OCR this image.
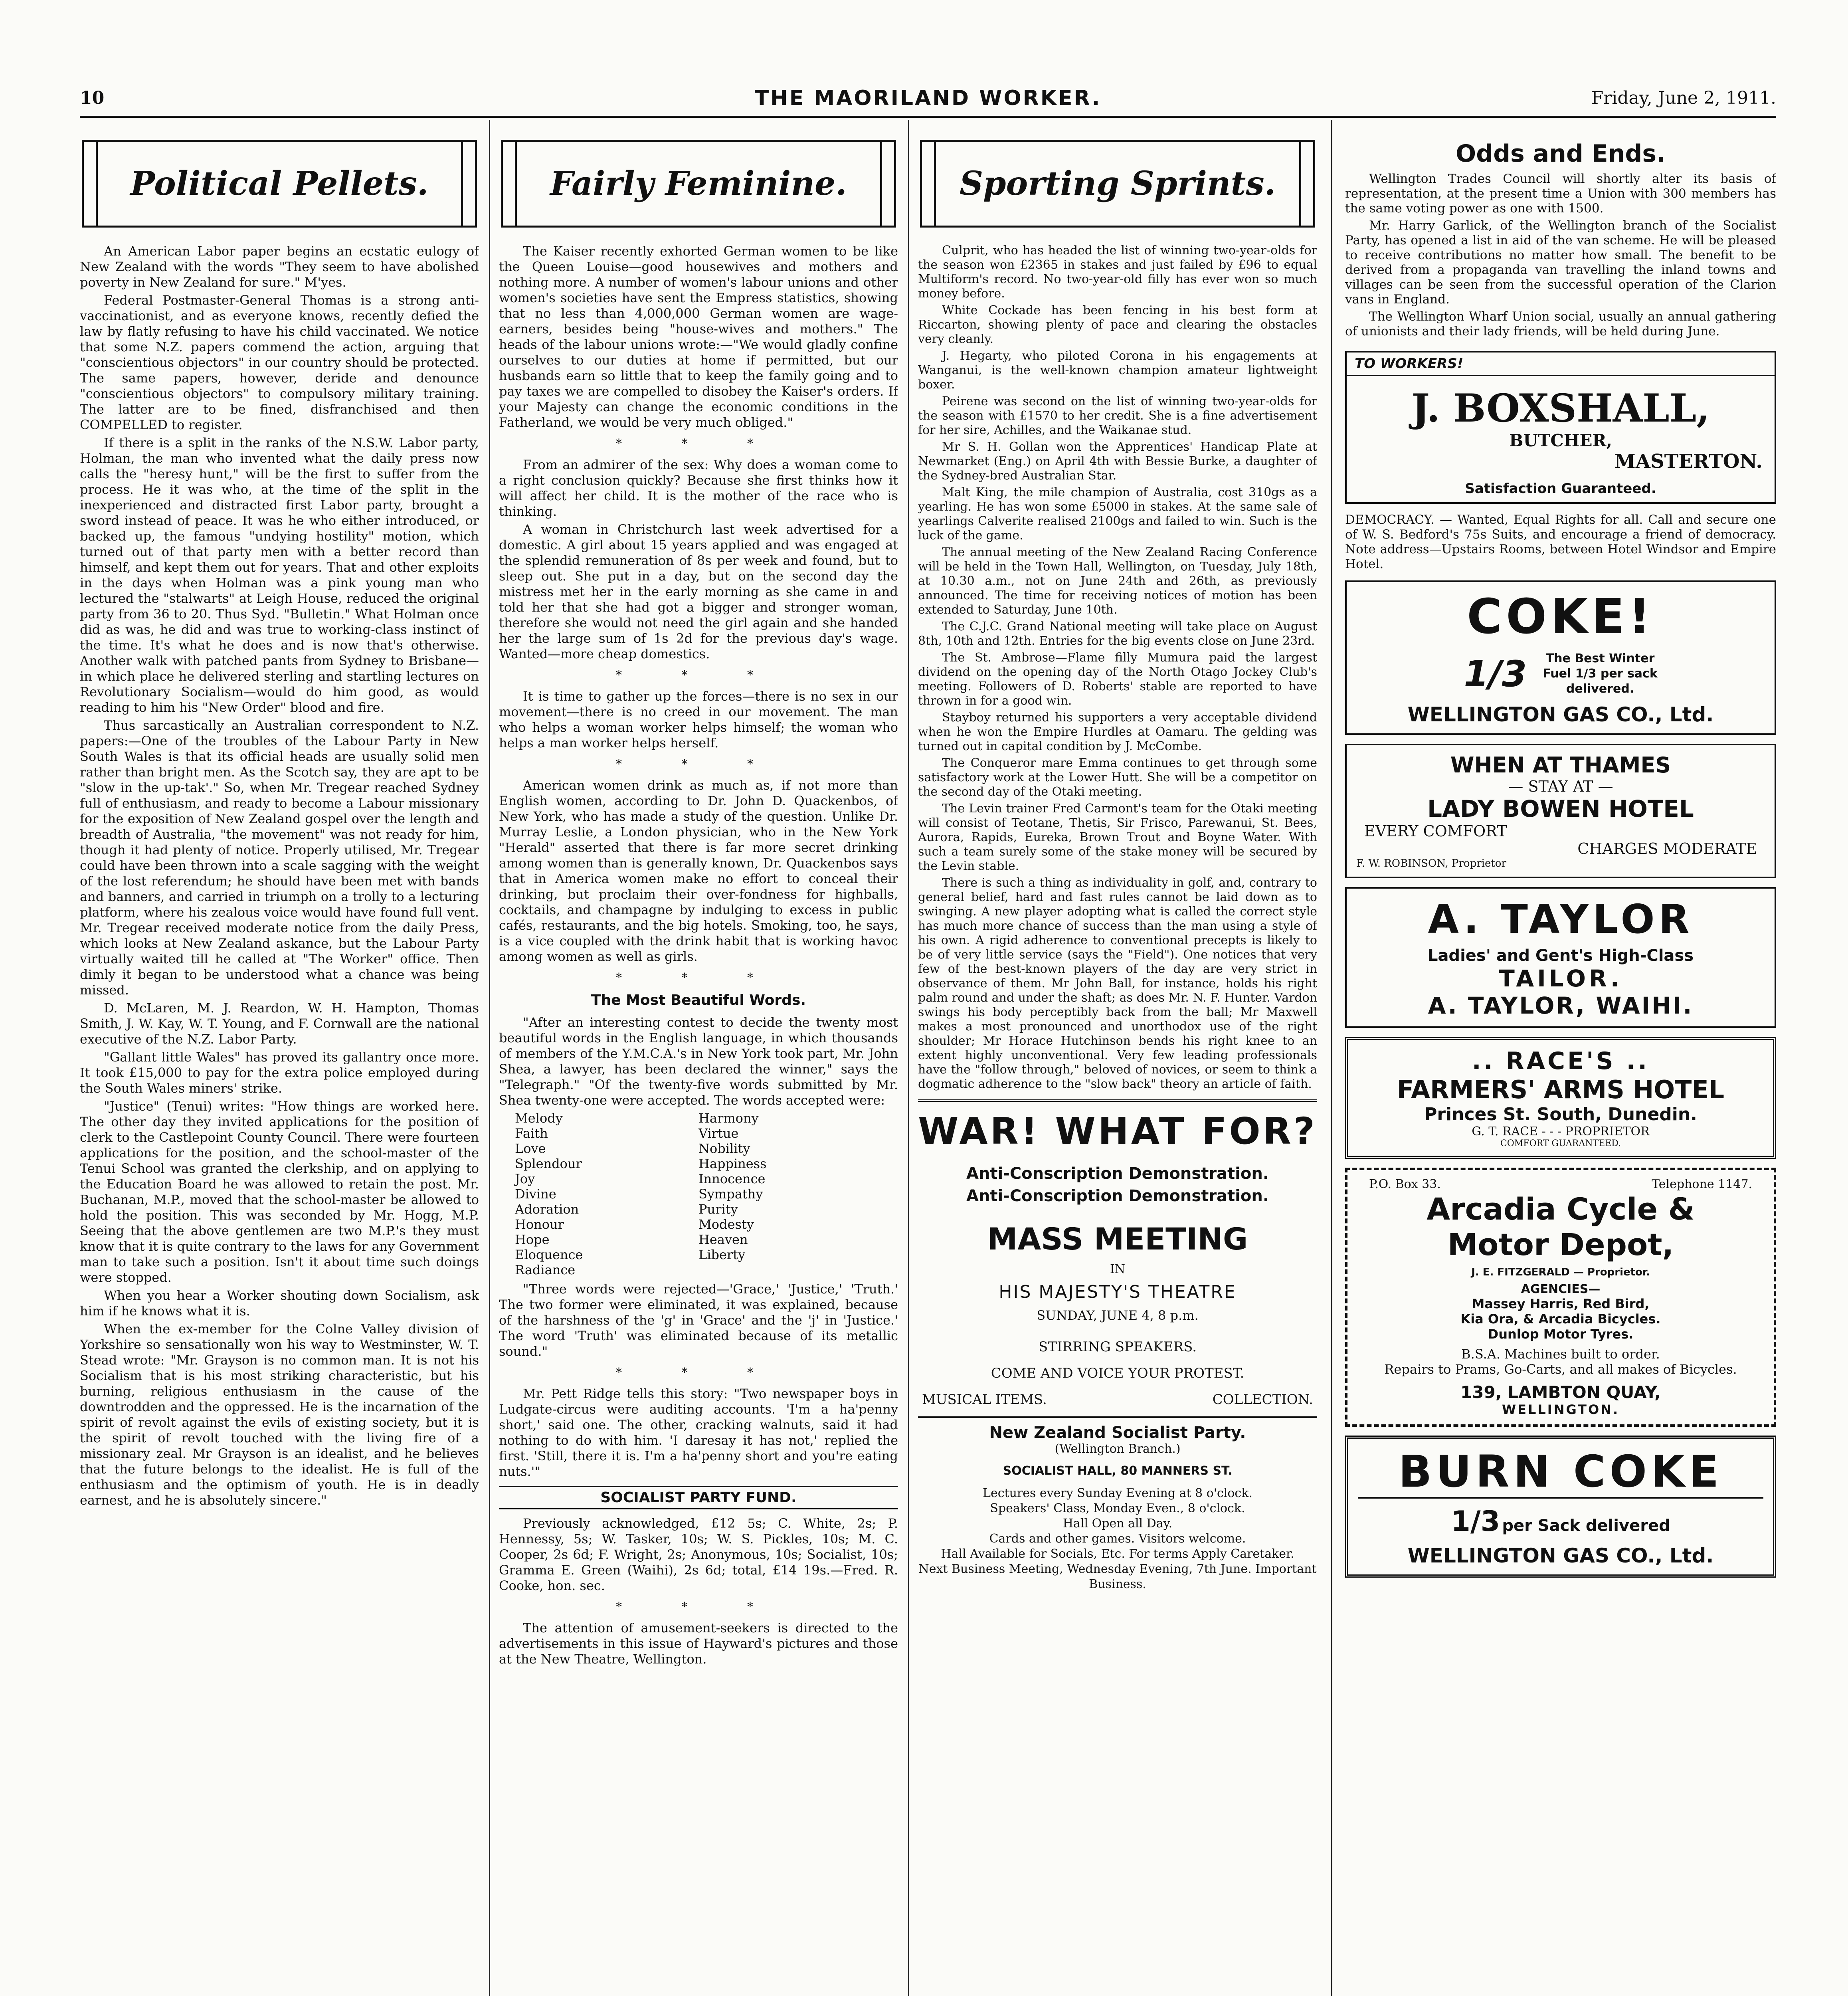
10	THE MAORILAND WORKER.	Friday, June 2, 1911.
Political Pellets.

An American Labor paper begins an ecstatic eulogy of New Zealand with the words "They seem to have abolished poverty in New Zealand for sure." M'yes.

Federal Postmaster-General Thomas is a strong anti-vaccinationist, and as everyone knows, recently defied the law by flatly refusing to have his child vaccinated. We notice that some N.Z. papers commend the action, arguing that "conscientious objectors" in our country should be protected. The same papers, however, deride and denounce "conscientious objectors" to compulsory military training. The latter are to be fined, disfranchised and then COMPELLED to register.

If there is a split in the ranks of the N.S.W. Labor party, Holman, the man who invented what the daily press now calls the "heresy hunt," will be the first to suffer from the process. He it was who, at the time of the split in the inexperienced and distracted first Labor party, brought a sword instead of peace. It was he who either introduced, or backed up, the famous "undying hostility" motion, which turned out of that party men with a better record than himself, and kept them out for years. That and other exploits in the days when Holman was a pink young man who lectured the "stalwarts" at Leigh House, reduced the original party from 36 to 20. Thus Syd. "Bulletin." What Holman once did as was, he did and was true to working-class instinct of the time. It's what he does and is now that's otherwise. Another walk with patched pants from Sydney to Brisbane—in which place he delivered sterling and startling lectures on Revolutionary Socialism—would do him good, as would reading to him his "New Order" blood and fire.

Thus sarcastically an Australian correspondent to N.Z. papers:—One of the troubles of the Labour Party in New South Wales is that its official heads are usually solid men rather than bright men. As the Scotch say, they are apt to be "slow in the up-tak'." So, when Mr. Tregear reached Sydney full of enthusiasm, and ready to become a Labour missionary for the exposition of New Zealand gospel over the length and breadth of Australia, "the movement" was not ready for him, though it had plenty of notice. Properly utilised, Mr. Tregear could have been thrown into a scale sagging with the weight of the lost referendum; he should have been met with bands and banners, and carried in triumph on a trolly to a lecturing platform, where his zealous voice would have found full vent. Mr. Tregear received moderate notice from the daily Press, which looks at New Zealand askance, but the Labour Party virtually waited till he called at "The Worker" office. Then dimly it began to be understood what a chance was being missed.

D. McLaren, M. J. Reardon, W. H. Hampton, Thomas Smith, J. W. Kay, W. T. Young, and F. Cornwall are the national executive of the N.Z. Labor Party.

"Gallant little Wales" has proved its gallantry once more. It took £15,000 to pay for the extra police employed during the South Wales miners' strike.

"Justice" (Tenui) writes: "How things are worked here. The other day they invited applications for the position of clerk to the Castlepoint County Council. There were fourteen applications for the position, and the school-master of the Tenui School was granted the clerkship, and on applying to the Education Board he was allowed to retain the post. Mr. Buchanan, M.P., moved that the school-master be allowed to hold the position. This was seconded by Mr. Hogg, M.P. Seeing that the above gentlemen are two M.P.'s they must know that it is quite contrary to the laws for any Government man to take such a position. Isn't it about time such doings were stopped.

When you hear a Worker shouting down Socialism, ask him if he knows what it is.

When the ex-member for the Colne Valley division of Yorkshire so sensationally won his way to Westminster, W. T. Stead wrote: "Mr. Grayson is no common man. It is not his Socialism that is his most striking characteristic, but his burning, religious enthusiasm in the cause of the downtrodden and the oppressed. He is the incarnation of the spirit of revolt against the evils of existing society, but it is the spirit of revolt touched with the living fire of a missionary zeal. Mr Grayson is an idealist, and he believes that the future belongs to the idealist. He is full of the enthusiasm and the optimism of youth. He is in deadly earnest, and he is absolutely sincere."

Fairly Feminine.

The Kaiser recently exhorted German women to be like the Queen Louise—good housewives and mothers and nothing more. A number of women's labour unions and other women's societies have sent the Empress statistics, showing that no less than 4,000,000 German women are wage-earners, besides being "house-wives and mothers." The heads of the labour unions wrote:—"We would gladly confine ourselves to our duties at home if permitted, but our husbands earn so little that to keep the family going and to pay taxes we are compelled to disobey the Kaiser's orders. If your Majesty can change the economic conditions in the Fatherland, we would be very much obliged."

* * *

From an admirer of the sex: Why does a woman come to a right conclusion quickly? Because she first thinks how it will affect her child. It is the mother of the race who is thinking.

A woman in Christchurch last week advertised for a domestic. A girl about 15 years applied and was engaged at the splendid remuneration of 8s per week and found, but to sleep out. She put in a day, but on the second day the mistress met her in the early morning as she came in and told her that she had got a bigger and stronger woman, therefore she would not need the girl again and she handed her the large sum of 1s 2d for the previous day's wage. Wanted—more cheap domestics.

* * *

It is time to gather up the forces—there is no sex in our movement—there is no creed in our movement. The man who helps a woman worker helps himself; the woman who helps a man worker helps herself.

* * *

American women drink as much as, if not more than English women, according to Dr. John D. Quackenbos, of New York, who has made a study of the question. Unlike Dr. Murray Leslie, a London physician, who in the New York "Herald" asserted that there is far more secret drinking among women than is generally known, Dr. Quackenbos says that in America women make no effort to conceal their drinking, but proclaim their over-fondness for highballs, cocktails, and champagne by indulging to excess in public cafés, restaurants, and the big hotels. Smoking, too, he says, is a vice coupled with the drink habit that is working havoc among women as well as girls.

* * *
The Most Beautiful Words.

"After an interesting contest to decide the twenty most beautiful words in the English language, in which thousands of members of the Y.M.C.A.'s in New York took part, Mr. John Shea, a lawyer, has been declared the winner," says the "Telegraph." "Of the twenty-five words submitted by Mr. Shea twenty-one were accepted. The words accepted were:

Melody
Faith
Love
Splendour
Joy
Divine
Adoration
Honour
Hope
Eloquence
Radiance
Harmony
Virtue
Nobility
Happiness
Innocence
Sympathy
Purity
Modesty
Heaven
Liberty

"Three words were rejected—'Grace,' 'Justice,' 'Truth.' The two former were eliminated, it was explained, because of the harshness of the 'g' in 'Grace' and the 'j' in 'Justice.' The word 'Truth' was eliminated because of its metallic sound."

* * *

Mr. Pett Ridge tells this story: "Two newspaper boys in Ludgate-circus were auditing accounts. 'I'm a ha'penny short,' said one. The other, cracking walnuts, said it had nothing to do with him. 'I daresay it has not,' replied the first. 'Still, there it is. I'm a ha'penny short and you're eating nuts.'"

SOCIALIST PARTY FUND.

Previously acknowledged, £12 5s; C. White, 2s; P. Hennessy, 5s; W. Tasker, 10s; W. S. Pickles, 10s; M. C. Cooper, 2s 6d; F. Wright, 2s; Anonymous, 10s; Socialist, 10s; Gramma E. Green (Waihi), 2s 6d; total, £14 19s.—Fred. R. Cooke, hon. sec.

* * *

The attention of amusement-seekers is directed to the advertisements in this issue of Hayward's pictures and those at the New Theatre, Wellington.

Sporting Sprints.

Culprit, who has headed the list of winning two-year-olds for the season won £2365 in stakes and just failed by £96 to equal Multiform's record. No two-year-old filly has ever won so much money before.

White Cockade has been fencing in his best form at Riccarton, showing plenty of pace and clearing the obstacles very cleanly.

J. Hegarty, who piloted Corona in his engagements at Wanganui, is the well-known champion amateur lightweight boxer.

Peirene was second on the list of winning two-year-olds for the season with £1570 to her credit. She is a fine advertisement for her sire, Achilles, and the Waikanae stud.

Mr S. H. Gollan won the Apprentices' Handicap Plate at Newmarket (Eng.) on April 4th with Bessie Burke, a daughter of the Sydney-bred Australian Star.

Malt King, the mile champion of Australia, cost 310gs as a yearling. He has won some £5000 in stakes. At the same sale of yearlings Calverite realised 2100gs and failed to win. Such is the luck of the game.

The annual meeting of the New Zealand Racing Conference will be held in the Town Hall, Wellington, on Tuesday, July 18th, at 10.30 a.m., not on June 24th and 26th, as previously announced. The time for receiving notices of motion has been extended to Saturday, June 10th.

The C.J.C. Grand National meeting will take place on August 8th, 10th and 12th. Entries for the big events close on June 23rd.

The St. Ambrose—Flame filly Mumura paid the largest dividend on the opening day of the North Otago Jockey Club's meeting. Followers of D. Roberts' stable are reported to have thrown in for a good win.

Stayboy returned his supporters a very acceptable dividend when he won the Empire Hurdles at Oamaru. The gelding was turned out in capital condition by J. McCombe.

The Conqueror mare Emma continues to get through some satisfactory work at the Lower Hutt. She will be a competitor on the second day of the Otaki meeting.

The Levin trainer Fred Carmont's team for the Otaki meeting will consist of Teotane, Thetis, Sir Frisco, Parewanui, St. Bees, Aurora, Rapids, Eureka, Brown Trout and Boyne Water. With such a team surely some of the stake money will be secured by the Levin stable.

There is such a thing as individuality in golf, and, contrary to general belief, hard and fast rules cannot be laid down as to swinging. A new player adopting what is called the correct style has much more chance of success than the man using a style of his own. A rigid adherence to conventional precepts is likely to be of very little service (says the "Field"). One notices that very few of the best-known players of the day are very strict in observance of them. Mr John Ball, for instance, holds his right palm round and under the shaft; as does Mr. N. F. Hunter. Vardon swings his body perceptibly back from the ball; Mr Maxwell makes a most pronounced and unorthodox use of the right shoulder; Mr Horace Hutchinson bends his right knee to an extent highly unconventional. Very few leading professionals have the "follow through," beloved of novices, or seem to think a dogmatic adherence to the "slow back" theory an article of faith.

WAR! WHAT FOR?
Anti-Conscription Demonstration.
Anti-Conscription Demonstration.
MASS MEETING
IN
HIS MAJESTY'S THEATRE
SUNDAY, JUNE 4, 8 p.m.
STIRRING SPEAKERS.
COME AND VOICE YOUR PROTEST.
MUSICAL ITEMS.	COLLECTION.
New Zealand Socialist Party.
(Wellington Branch.)
SOCIALIST HALL, 80 MANNERS ST.
Lectures every Sunday Evening at 8 o'clock.
Speakers' Class, Monday Even., 8 o'clock.
Hall Open all Day.
Cards and other games. Visitors welcome.
Hall Available for Socials, Etc. For terms Apply Caretaker.
Next Business Meeting, Wednesday Evening, 7th June. Important Business.
Odds and Ends.

Wellington Trades Council will shortly alter its basis of representation, at the present time a Union with 300 members has the same voting power as one with 1500.

Mr. Harry Garlick, of the Wellington branch of the Socialist Party, has opened a list in aid of the van scheme. He will be pleased to receive contributions no matter how small. The benefit to be derived from a propaganda van travelling the inland towns and villages can be seen from the successful operation of the Clarion vans in England.

The Wellington Wharf Union social, usually an annual gathering of unionists and their lady friends, will be held during June.

TO WORKERS!
J. BOXSHALL,
BUTCHER,
MASTERTON.
Satisfaction Guaranteed.

DEMOCRACY. — Wanted, Equal Rights for all. Call and secure one of W. S. Bedford's 75s Suits, and encourage a friend of democracy. Note address—Upstairs Rooms, between Hotel Windsor and Empire Hotel.

COKE!
1/3 The Best Winter
Fuel 1/3 per sack
delivered.
WELLINGTON GAS CO., Ltd.
WHEN AT THAMES
— STAY AT —
LADY BOWEN HOTEL
EVERY COMFORT
CHARGES MODERATE
F. W. ROBINSON, Proprietor
A. TAYLOR
Ladies' and Gent's High-Class
TAILOR.
A. TAYLOR, WAIHI.
.. RACE'S ..
FARMERS' ARMS HOTEL
Princes St. South, Dunedin.
G. T. RACE - - - PROPRIETOR
COMFORT GUARANTEED.
P.O. Box 33.	Telephone 1147.
Arcadia Cycle &
Motor Depot,
J. E. FITZGERALD — Proprietor.
AGENCIES—
Massey Harris, Red Bird,
Kia Ora, & Arcadia Bicycles.
Dunlop Motor Tyres.
B.S.A. Machines built to order.
Repairs to Prams, Go-Carts, and all makes of Bicycles.
139, LAMBTON QUAY,
WELLINGTON.
BURN COKE
1/3 per Sack delivered
WELLINGTON GAS CO., Ltd.
